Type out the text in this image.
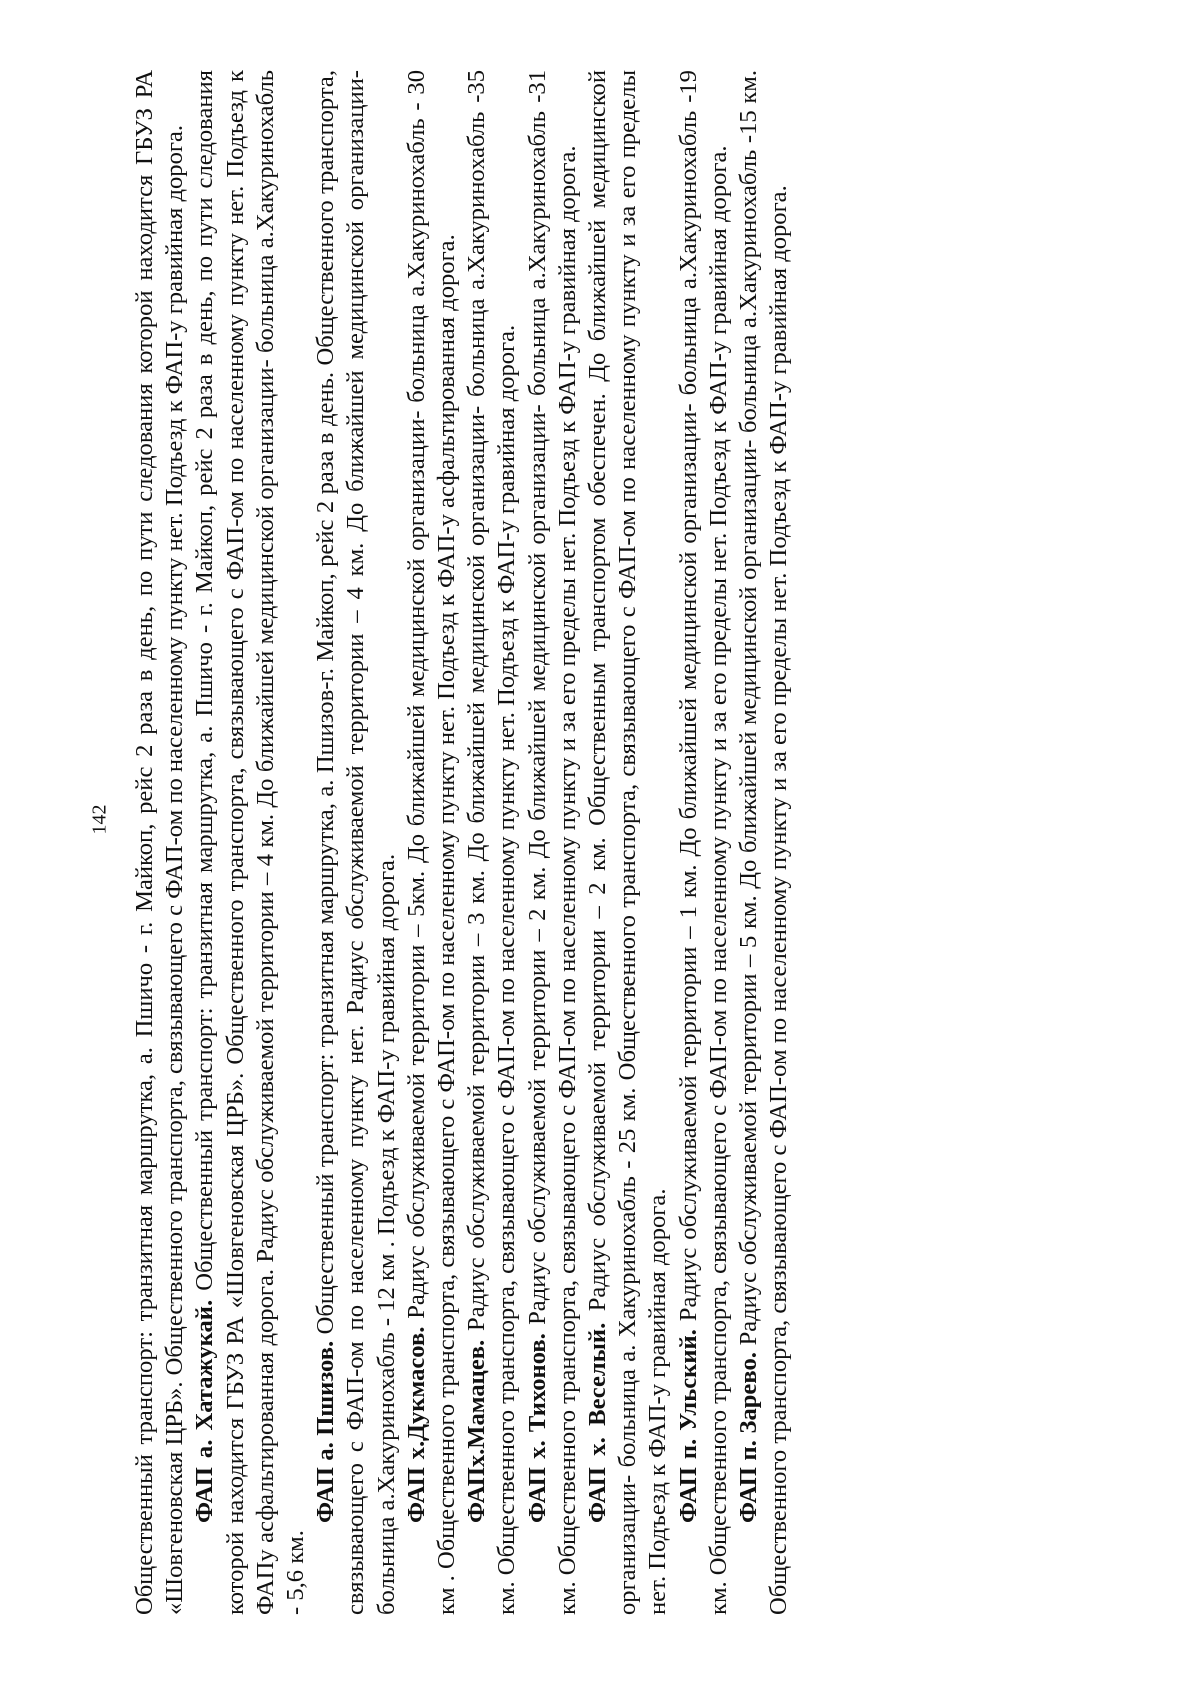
142 Общественный транспорт: транзитная маршрутка, а. Пшичо - г. Майкоп, рейс 2 раза в день, по пути следования которой находится ГБУЗ РА «Шовгеновская ЦРБ». Общественного транспорта, связывающего с ФАП-ом по населенному пункту нет. Подъезд к ФАП-у гравийная дорога. ФАП а. Хатажукай. Общественный транспорт: транзитная маршрутка, а. Пшичо - г. Майкоп, рейс 2 раза в день, по пути следования которой находится ГБУЗ РА «Шовгеновская ЦРБ». Общественного транспорта, связывающего с ФАП-ом по населенному пункту нет. Подъезд к ФАПу асфальтированная дорога. Радиус обслуживаемой территории – 4 км. До ближайшей медицинской организации- больница а.Хакуринохабль - 5,6 км.

ФАП а. Пшизов. Общественный транспорт: транзитная маршрутка, а. Пшизов-г. Майкоп, рейс 2 раза в день. Общественного транспорта, связывающего с ФАП-ом по населенному пункту нет. Радиус обслуживаемой территории – 4 км. До ближайшей медицинской организации- больница а.Хакуринохабль - 12 км . Подъезд к ФАП-у гравийная дорога. ФАП х.Дукмасов. Радиус обслуживаемой территории – 5км. До ближайшей медицинской организации- больница а.Хакуринохабль - 30 км . Общественного транспорта, связывающего с ФАП-ом по населенному пункту нет. Подъезд к ФАП-у асфальтированная дорога. ФАПх.Мамацев. Радиус обслуживаемой территории – 3 км. До ближайшей медицинской организации- больница а.Хакуринохабль -35 км. Общественного транспорта, связывающего с ФАП-ом по населенному пункту нет. Подъезд к ФАП-у гравийная дорога. ФАП х. Тихонов. Радиус обслуживаемой территории – 2 км. До ближайшей медицинской организации- больница а.Хакуринохабль -31 км. Общественного транспорта, связывающего с ФАП-ом по населенному пункту и за его пределы нет. Подъезд к ФАП-у гравийная дорога. ФАП х. Веселый. Радиус обслуживаемой территории – 2 км. Общественным транспортом обеспечен. До ближайшей медицинской организации- больница а. Хакуринохабль - 25 км. Общественного транспорта, связывающего с ФАП-ом по населенному пункту и за его пределы нет. Подъезд к ФАП-у гравийная дорога. ФАП п. Ульский. Радиус обслуживаемой территории – 1 км. До ближайшей медицинской организации- больница а.Хакуринохабль -19 км. Общественного транспорта, связывающего с ФАП-ом по населенному пункту и за его пределы нет. Подъезд к ФАП-у гравийная дорога. ФАП п. Зарево. Радиус обслуживаемой территории – 5 км. До ближайшей медицинской организации- больница а.Хакуринохабль -15 км. Общественного транспорта, связывающего с ФАП-ом по населенному пункту и за его пределы нет. Подъезд к ФАП-у гравийная дорога.
